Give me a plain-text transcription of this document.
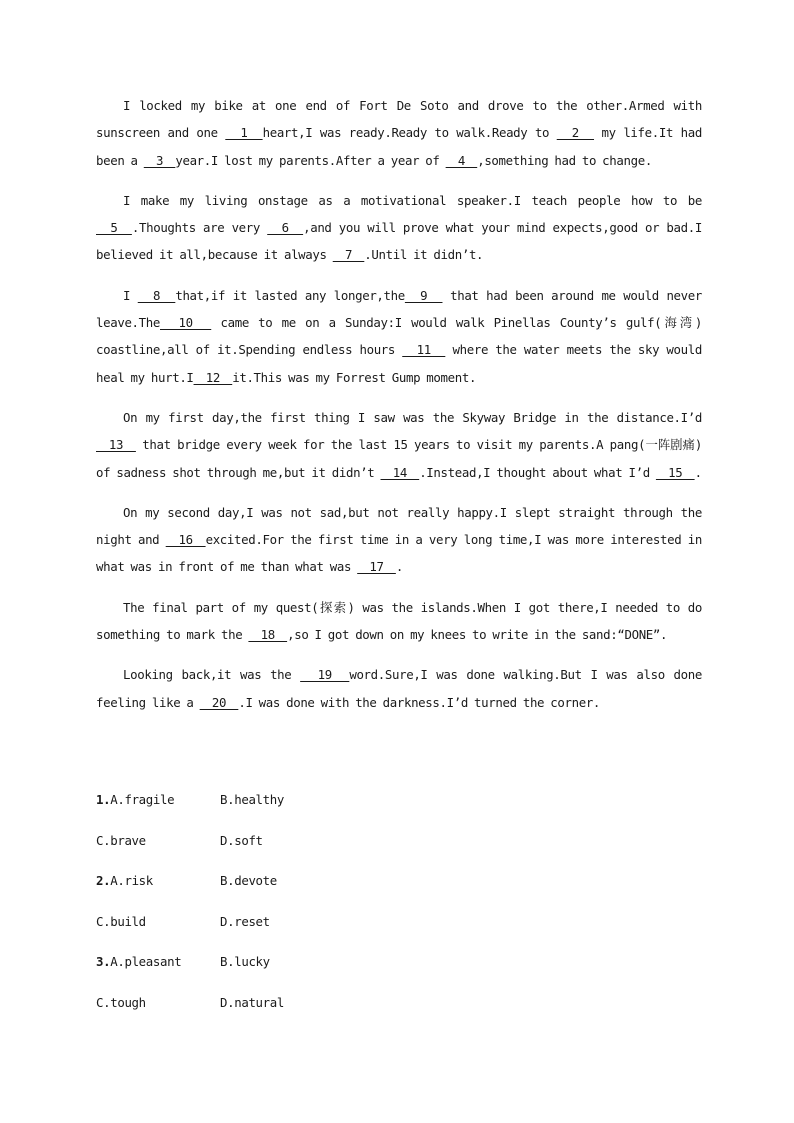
I locked my bike at one end of Fort De Soto and drove to the other.Armed with sunscreen and one   1  heart,I was ready.Ready to walk.Ready to   2   my life.It had been a   3  year.I lost my parents.After a year of   4  ,something had to change.

I make my living onstage as a motivational speaker.I teach people how to be   5  .Thoughts are very   6  ,and you will prove what your mind expects,good or bad.I believed it all,because it always   7  .Until it didn’t.

I   8  that,if it lasted any longer,the  9   that had been around me would never leave.The  10   came to me on a Sunday:I would walk Pinellas County’s gulf(海湾) coastline,all of it.Spending endless hours   11   where the water meets the sky would heal my hurt.I  12  it.This was my Forrest Gump moment.

On my first day,the first thing I saw was the Skyway Bridge in the distance.I’d  13   that bridge every week for the last 15 years to visit my parents.A pang(一阵剧痛) of sadness shot through me,but it didn’t   14  .Instead,I thought about what I’d   15  .

On my second day,I was not sad,but not really happy.I slept straight through the night and   16  excited.For the first time in a very long time,I was more interested in what was in front of me than what was   17  .

The final part of my quest(探索) was the islands.When I got there,I needed to do something to mark the   18  ,so I got down on my knees to write in the sand:“DONE”.

Looking back,it was the   19  word.Sure,I was done walking.But I was also done feeling like a   20  .I was done with the darkness.I’d turned the corner.

1.A.fragile	B.healthy
C.brave	D.soft
2.A.risk	B.devote
C.build	D.reset
3.A.pleasant	B.lucky
C.tough	D.natural
